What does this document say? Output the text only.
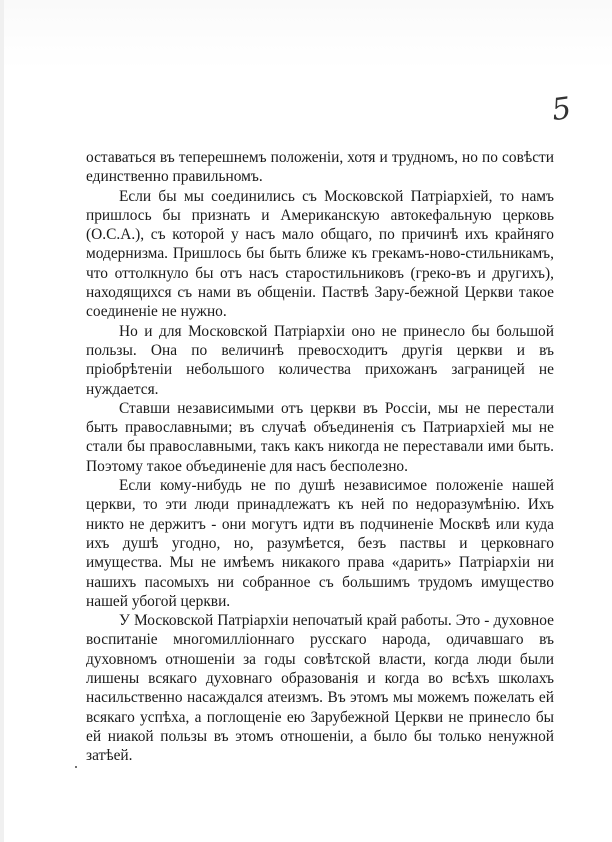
5

оставаться въ теперешнемъ положенiи, хотя и трудномъ, но по совѣсти единственно правильномъ.

Если бы мы соединились съ Московской Патрiархiей, то намъ пришлось бы признать и Американскую автокефальную церковь (О.С.А.), съ которой у насъ мало общаго, по причинѣ ихъ крайняго модернизма. Пришлось бы быть ближе къ грекамъ-ново-стильникамъ, что оттолкнуло бы отъ насъ старостильниковъ (греко-въ и другихъ), находящихся съ нами въ общенiи. Паствѣ Зару-бежной Церкви такое соединенiе не нужно.

Но и для Московской Патрiархiи оно не принесло бы большой пользы. Она по величинѣ превосходитъ другiя церкви и въ прiобрѣтенiи небольшого количества прихожанъ заграницей не нуждается.

Ставши независимыми отъ церкви въ Россiи, мы не перестали быть православными; въ случаѣ объединенiя съ Патриархiей мы не стали бы православными, такъ какъ никогда не переставали ими быть. Поэтому такое объединенiе для насъ бесполезно.

Если кому-нибудь не по душѣ независимое положенiе нашей церкви, то эти люди принадлежатъ къ ней по недоразумѣнiю. Ихъ никто не держитъ - они могутъ идти въ подчиненiе Москвѣ или куда ихъ душѣ угодно, но, разумѣется, безъ паствы и церковнаго имущества. Мы не имѣемъ никакого права «дарить» Патрiархiи ни нашихъ пасомыхъ ни собранное съ большимъ трудомъ имущество нашей убогой церкви.

У Московской Патрiархiи непочатый край работы. Это - духовное воспитанiе многомилліоннаго русскаго народа, одичавшаго въ духовномъ отношенiи за годы совѣтской власти, когда люди были лишены всякаго духовнаго образованiя и когда во всѣхъ школахъ насильственно насаждался атеизмъ. Въ этомъ мы можемъ пожелать ей всякаго успѣха, а поглощенiе ею Зарубежной Церкви не принесло бы ей ниакой пользы въ этомъ отношенiи, а было бы только ненужной затѣей.
